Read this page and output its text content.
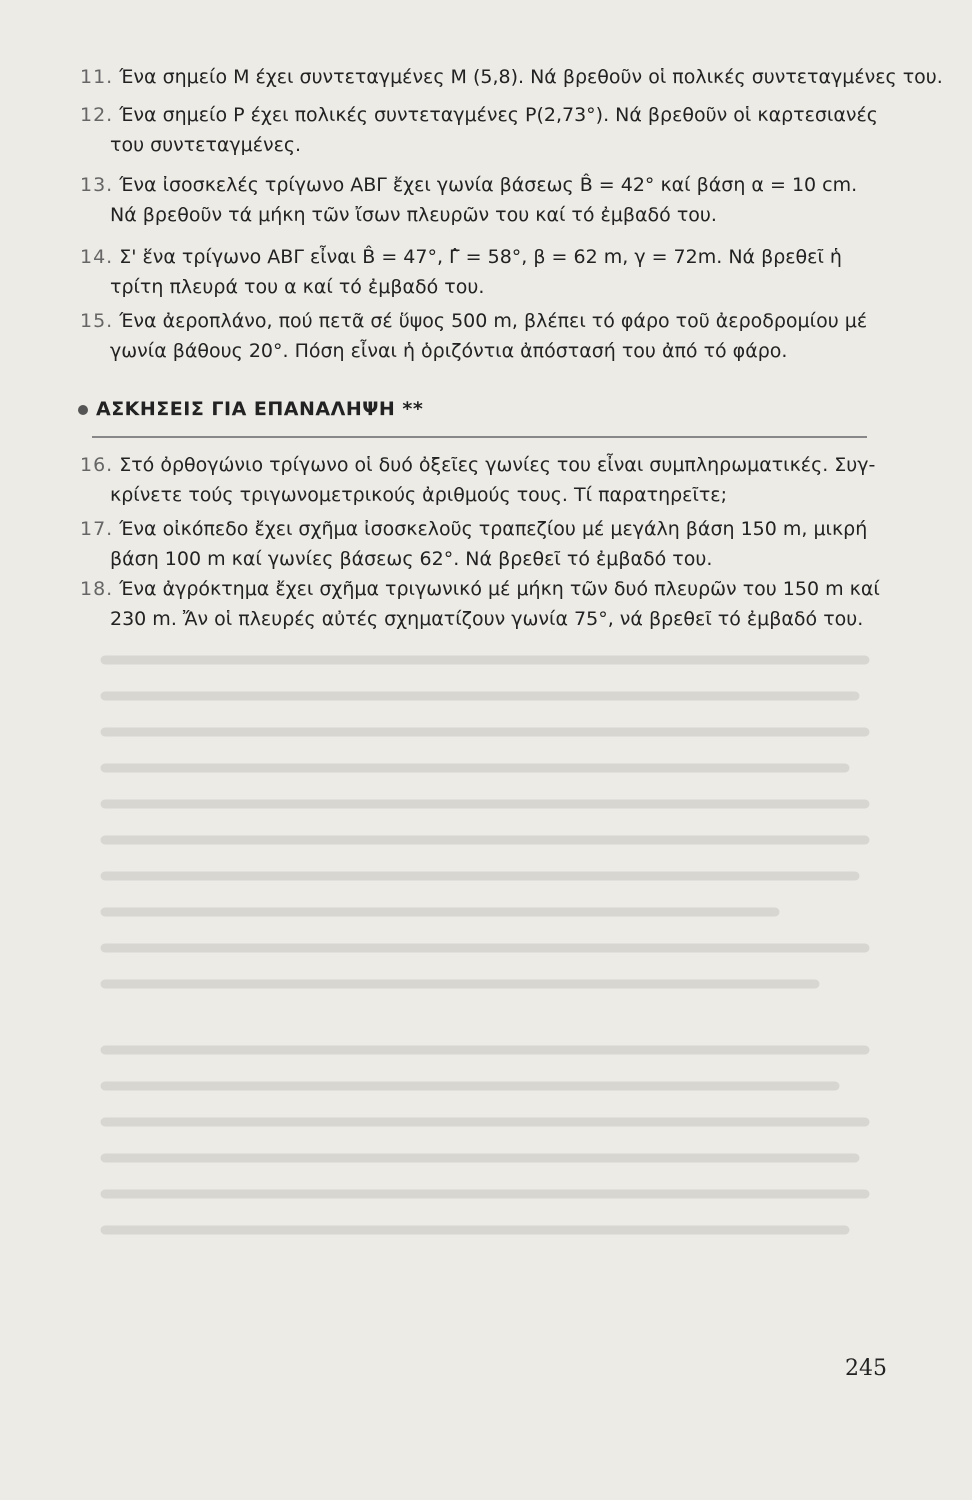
11. Ένα σημείο Μ έχει συντεταγμένες Μ (5,8). Νά βρεθοῦν οἱ πολικές συντεταγμένες του.
12. Ένα σημείο Ρ έχει πολικές συντεταγμένες Ρ(2,73°). Νά βρεθοῦν οἱ καρτεσιανές
του συντεταγμένες.
13. Ένα ἰσοσκελές τρίγωνο ΑΒΓ ἔχει γωνία βάσεως B̂ = 42° καί βάση α = 10 cm.
Νά βρεθοῦν τά μήκη τῶν ἴσων πλευρῶν του καί τό ἐμβαδό του.
14. Σ' ἕνα τρίγωνο ΑΒΓ εἶναι B̂ = 47°, Γ̂ = 58°, β = 62 m, γ = 72m. Νά βρεθεῖ ἡ
τρίτη πλευρά του α καί τό ἐμβαδό του.
15. Ένα ἀεροπλάνο, πού πετᾶ σέ ὕψος 500 m, βλέπει τό φάρο τοῦ ἀεροδρομίου μέ
γωνία βάθους 20°. Πόση εἶναι ἡ ὁριζόντια ἀπόστασή του ἀπό τό φάρο.
ΑΣΚΗΣΕΙΣ ΓΙΑ ΕΠΑΝΑΛΗΨΗ **
16. Στό ὀρθογώνιο τρίγωνο οἱ δυό ὀξεῖες γωνίες του εἶναι συμπληρωματικές. Συγ-
κρίνετε τούς τριγωνομετρικούς ἀριθμούς τους. Τί παρατηρεῖτε;
17. Ένα οἰκόπεδο ἔχει σχῆμα ἰσοσκελοῦς τραπεζίου μέ μεγάλη βάση 150 m, μικρή
βάση 100 m καί γωνίες βάσεως 62°. Νά βρεθεῖ τό ἐμβαδό του.
18. Ένα ἀγρόκτημα ἔχει σχῆμα τριγωνικό μέ μήκη τῶν δυό πλευρῶν του 150 m καί
230 m. Ἄν οἱ πλευρές αὐτές σχηματίζουν γωνία 75°, νά βρεθεῖ τό ἐμβαδό του.
245
